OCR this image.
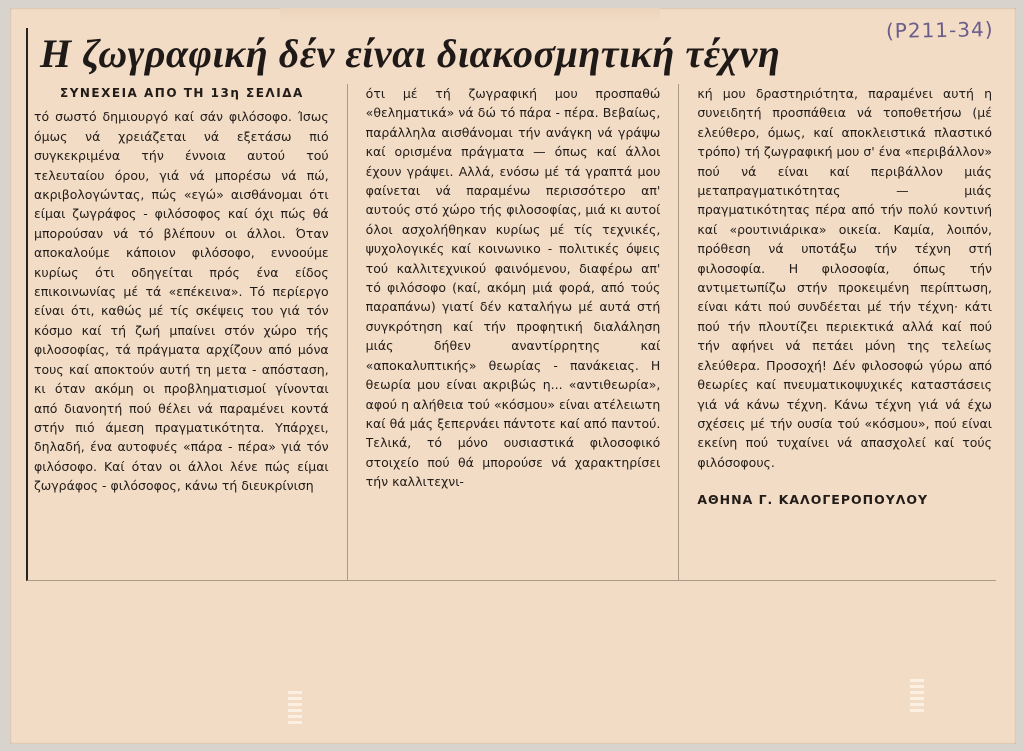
(P211-34)
Η ζωγραφική δέν είναι διακοσμητική τέχνη
ΣΥΝΕΧΕΙΑ ΑΠΟ ΤΗ 13η ΣΕΛΙΔΑ

τό σωστό δημιουργό καί σάν φιλόσοφο. Ίσως όμως νά χρειάζεται νά εξετάσω πιό συγκεκριμένα τήν έννοια αυτού τού τελευταίου όρου, γιά νά μπορέσω νά πώ, ακριβολογώντας, πώς «εγώ» αισθάνομαι ότι είμαι ζωγράφος - φιλόσοφος καί όχι πώς θά μπορούσαν νά τό βλέπουν οι άλλοι. Όταν αποκαλούμε κάποιον φιλόσοφο, εννοούμε κυρίως ότι οδηγείται πρός ένα είδος επικοινωνίας μέ τά «επέκεινα». Τό περίεργο είναι ότι, καθώς μέ τίς σκέψεις του γιά τόν κόσμο καί τή ζωή μπαίνει στόν χώρο τής φιλοσοφίας, τά πράγματα αρχίζουν από μόνα τους καί αποκτούν αυτή τη μετα - απόσταση, κι όταν ακόμη οι προβληματισμοί γίνονται από διανοητή πού θέλει νά παραμένει κοντά στήν πιό άμεση πραγματικότητα. Υπάρχει, δηλαδή, ένα αυτοφυές «πάρα - πέρα» γιά τόν φιλόσοφο. Καί όταν οι άλλοι λένε πώς είμαι ζωγράφος - φιλόσοφος, κάνω τή διευκρίνιση

ότι μέ τή ζωγραφική μου προσπαθώ «θεληματικά» νά δώ τό πάρα - πέρα. Βεβαίως, παράλληλα αισθάνομαι τήν ανάγκη νά γράψω καί ορισμένα πράγματα — όπως καί άλλοι έχουν γράψει. Αλλά, ενόσω μέ τά γραπτά μου φαίνεται νά παραμένω περισσότερο απ' αυτούς στό χώρο τής φιλοσοφίας, μιά κι αυτοί όλοι ασχολήθηκαν κυρίως μέ τίς τεχνικές, ψυχολογικές καί κοινωνικο - πολιτικές όψεις τού καλλιτεχνικού φαινόμενου, διαφέρω απ' τό φιλόσοφο (καί, ακόμη μιά φορά, από τούς παραπάνω) γιατί δέν καταλήγω μέ αυτά στή συγκρότηση καί τήν προφητική διαλάληση μιάς δήθεν αναντίρρητης καί «αποκαλυπτικής» θεωρίας - πανάκειας. Η θεωρία μου είναι ακριβώς η... «αντιθεωρία», αφού η αλήθεια τού «κόσμου» είναι ατέλειωτη καί θά μάς ξεπερνάει πάντοτε καί από παντού. Τελικά, τό μόνο ουσιαστικά φιλοσοφικό στοιχείο πού θά μπορούσε νά χαρακτηρίσει τήν καλλιτεχνι-

κή μου δραστηριότητα, παραμένει αυτή η συνειδητή προσπάθεια νά τοποθετήσω (μέ ελεύθερο, όμως, καί αποκλειστικά πλαστικό τρόπο) τή ζωγραφική μου σ' ένα «περιβάλλον» πού νά είναι καί περιβάλλον μιάς μεταπραγματικότητας — μιάς πραγματικότητας πέρα από τήν πολύ κοντινή καί «ρουτινιάρικα» οικεία. Καμία, λοιπόν, πρόθεση νά υποτάξω τήν τέχνη στή φιλοσοφία. Η φιλοσοφία, όπως τήν αντιμετωπίζω στήν προκειμένη περίπτωση, είναι κάτι πού συνδέεται μέ τήν τέχνη· κάτι πού τήν πλουτίζει περιεκτικά αλλά καί πού τήν αφήνει νά πετάει μόνη της τελείως ελεύθερα. Προσοχή! Δέν φιλοσοφώ γύρω από θεωρίες καί πνευματικοψυχικές καταστάσεις γιά νά κάνω τέχνη. Κάνω τέχνη γιά νά έχω σχέσεις μέ τήν ουσία τού «κόσμου», πού είναι εκείνη πού τυχαίνει νά απασχολεί καί τούς φιλόσοφους.

ΑΘΗΝΑ Γ. ΚΑΛΟΓΕΡΟΠΟΥΛΟΥ
